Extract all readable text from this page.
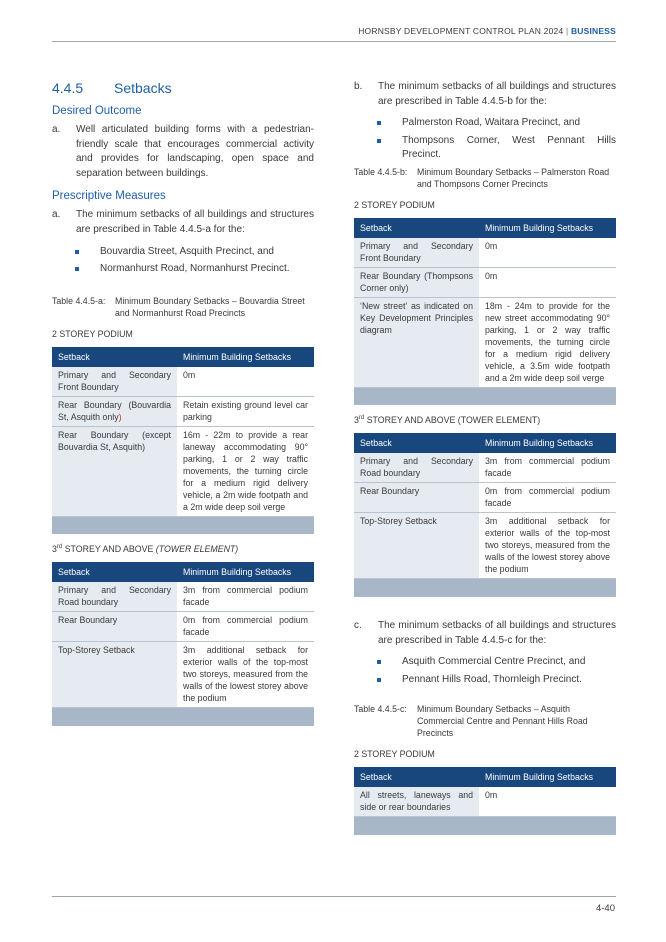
HORNSBY DEVELOPMENT CONTROL PLAN 2024 | BUSINESS
4.4.5 Setbacks
Desired Outcome
a. Well articulated building forms with a pedestrian-friendly scale that encourages commercial activity and provides for landscaping, open space and separation between buildings.
Prescriptive Measures
a. The minimum setbacks of all buildings and structures are prescribed in Table 4.4.5-a for the:
Bouvardia Street, Asquith Precinct, and
Normanhurst Road, Normanhurst Precinct.
Table 4.4.5-a:	Minimum Boundary Setbacks – Bouvardia Street and Normanhurst Road Precincts
2 STOREY PODIUM
Setback	Minimum Building Setbacks
Primary and Secondary Front Boundary	0m
Rear Boundary (Bouvardia St, Asquith only)	Retain existing ground level car parking
Rear Boundary (except Bouvardia St, Asquith)	16m - 22m to provide a rear laneway accommodating 90° parking, 1 or 2 way traffic movements, the turning circle for a medium rigid delivery vehicle, a 2m wide footpath and a 2m wide deep soil verge

3rd STOREY AND ABOVE (TOWER ELEMENT)
Setback	Minimum Building Setbacks
Primary and Secondary Road boundary	3m from commercial podium facade
Rear Boundary	0m from commercial podium facade
Top-Storey Setback	3m additional setback for exterior walls of the top-most two storeys, measured from the walls of the lowest storey above the podium

b. The minimum setbacks of all buildings and structures are prescribed in Table 4.4.5-b for the:
Palmerston Road, Waitara Precinct, and
Thompsons Corner, West Pennant Hills Precinct.
Table 4.4.5-b:	Minimum Boundary Setbacks – Palmerston Road and Thompsons Corner Precincts
2 STOREY PODIUM
Setback	Minimum Building Setbacks
Primary and Secondary Front Boundary	0m
Rear Boundary (Thompsons Corner only)	0m
‘New street’ as indicated on Key Development Principles diagram	18m - 24m to provide for the new street accommodating 90° parking, 1 or 2 way traffic movements, the turning circle for a medium rigid delivery vehicle, a 3.5m wide footpath and a 2m wide deep soil verge

3rd STOREY AND ABOVE (TOWER ELEMENT)
Setback	Minimum Building Setbacks
Primary and Secondary Road boundary	3m from commercial podium facade
Rear Boundary	0m from commercial podium facade
Top-Storey Setback	3m additional setback for exterior walls of the top-most two storeys, measured from the walls of the lowest storey above the podium

c. The minimum setbacks of all buildings and structures are prescribed in Table 4.4.5-c for the:
Asquith Commercial Centre Precinct, and
Pennant Hills Road, Thornleigh Precinct.
Table 4.4.5-c:	Minimum Boundary Setbacks – Asquith Commercial Centre and Pennant Hills Road Precincts
2 STOREY PODIUM
Setback	Minimum Building Setbacks
All streets, laneways and side or rear boundaries	0m

4-40
